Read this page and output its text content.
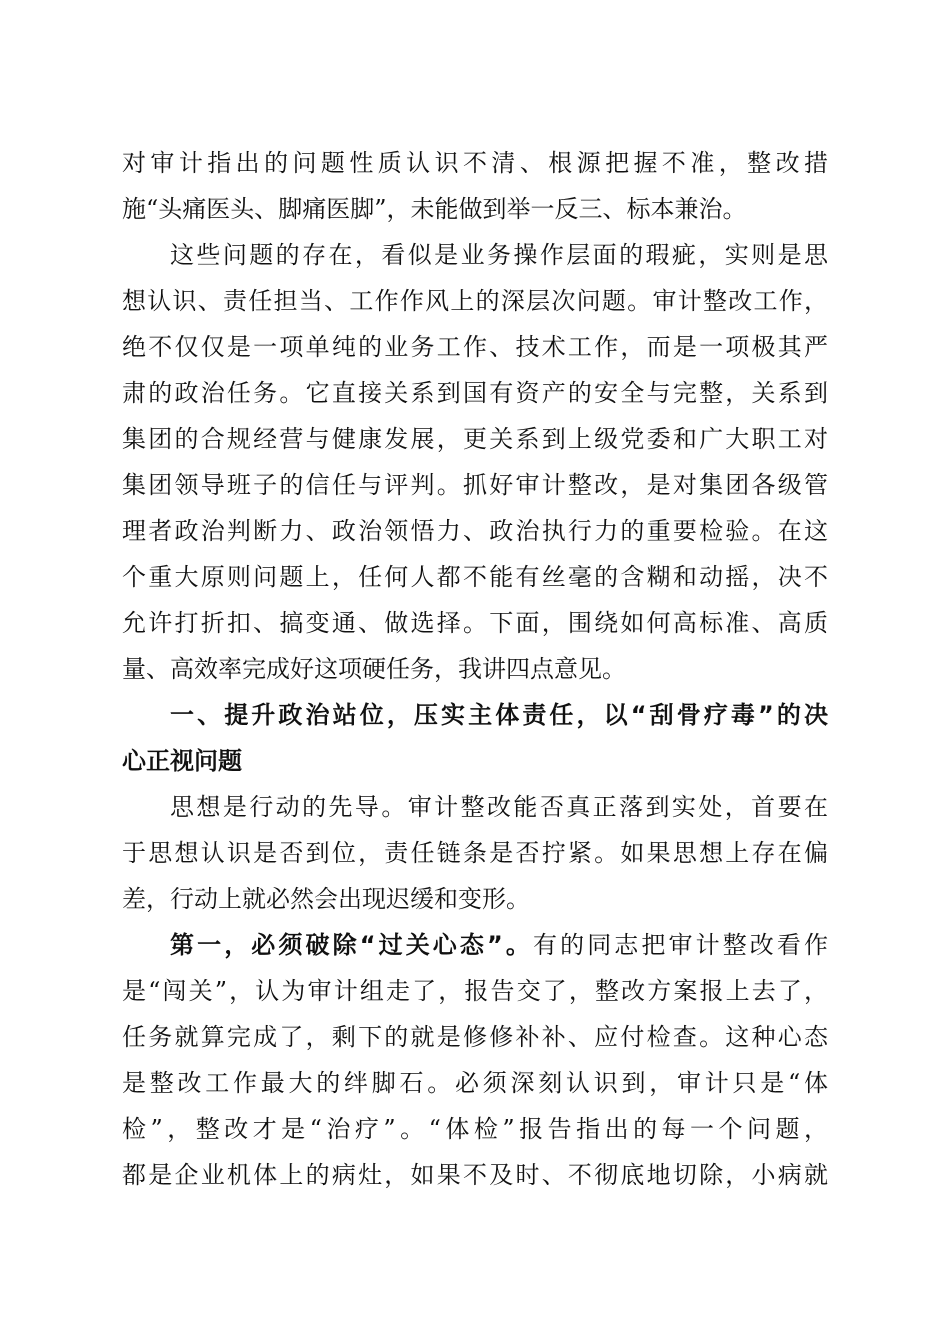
对审计指出的问题性质认识不清、根源把握不准，整改措
施“头痛医头、脚痛医脚”，未能做到举一反三、标本兼治。
这些问题的存在，看似是业务操作层面的瑕疵，实则是思
想认识、责任担当、工作作风上的深层次问题。审计整改工作，
绝不仅仅是一项单纯的业务工作、技术工作，而是一项极其严
肃的政治任务。它直接关系到国有资产的安全与完整，关系到
集团的合规经营与健康发展，更关系到上级党委和广大职工对
集团领导班子的信任与评判。抓好审计整改，是对集团各级管
理者政治判断力、政治领悟力、政治执行力的重要检验。在这
个重大原则问题上，任何人都不能有丝毫的含糊和动摇，决不
允许打折扣、搞变通、做选择。下面，围绕如何高标准、高质
量、高效率完成好这项硬任务，我讲四点意见。
一、提升政治站位，压实主体责任，以“刮骨疗毒”的决
心正视问题
思想是行动的先导。审计整改能否真正落到实处，首要在
于思想认识是否到位，责任链条是否拧紧。如果思想上存在偏
差，行动上就必然会出现迟缓和变形。
第一，必须破除“过关心态”。有的同志把审计整改看作
是“闯关”，认为审计组走了，报告交了，整改方案报上去了，
任务就算完成了，剩下的就是修修补补、应付检查。这种心态
是整改工作最大的绊脚石。必须深刻认识到，审计只是“体
检”，整改才是“治疗”。“体检”报告指出的每一个问题，
都是企业机体上的病灶，如果不及时、不彻底地切除，小病就
